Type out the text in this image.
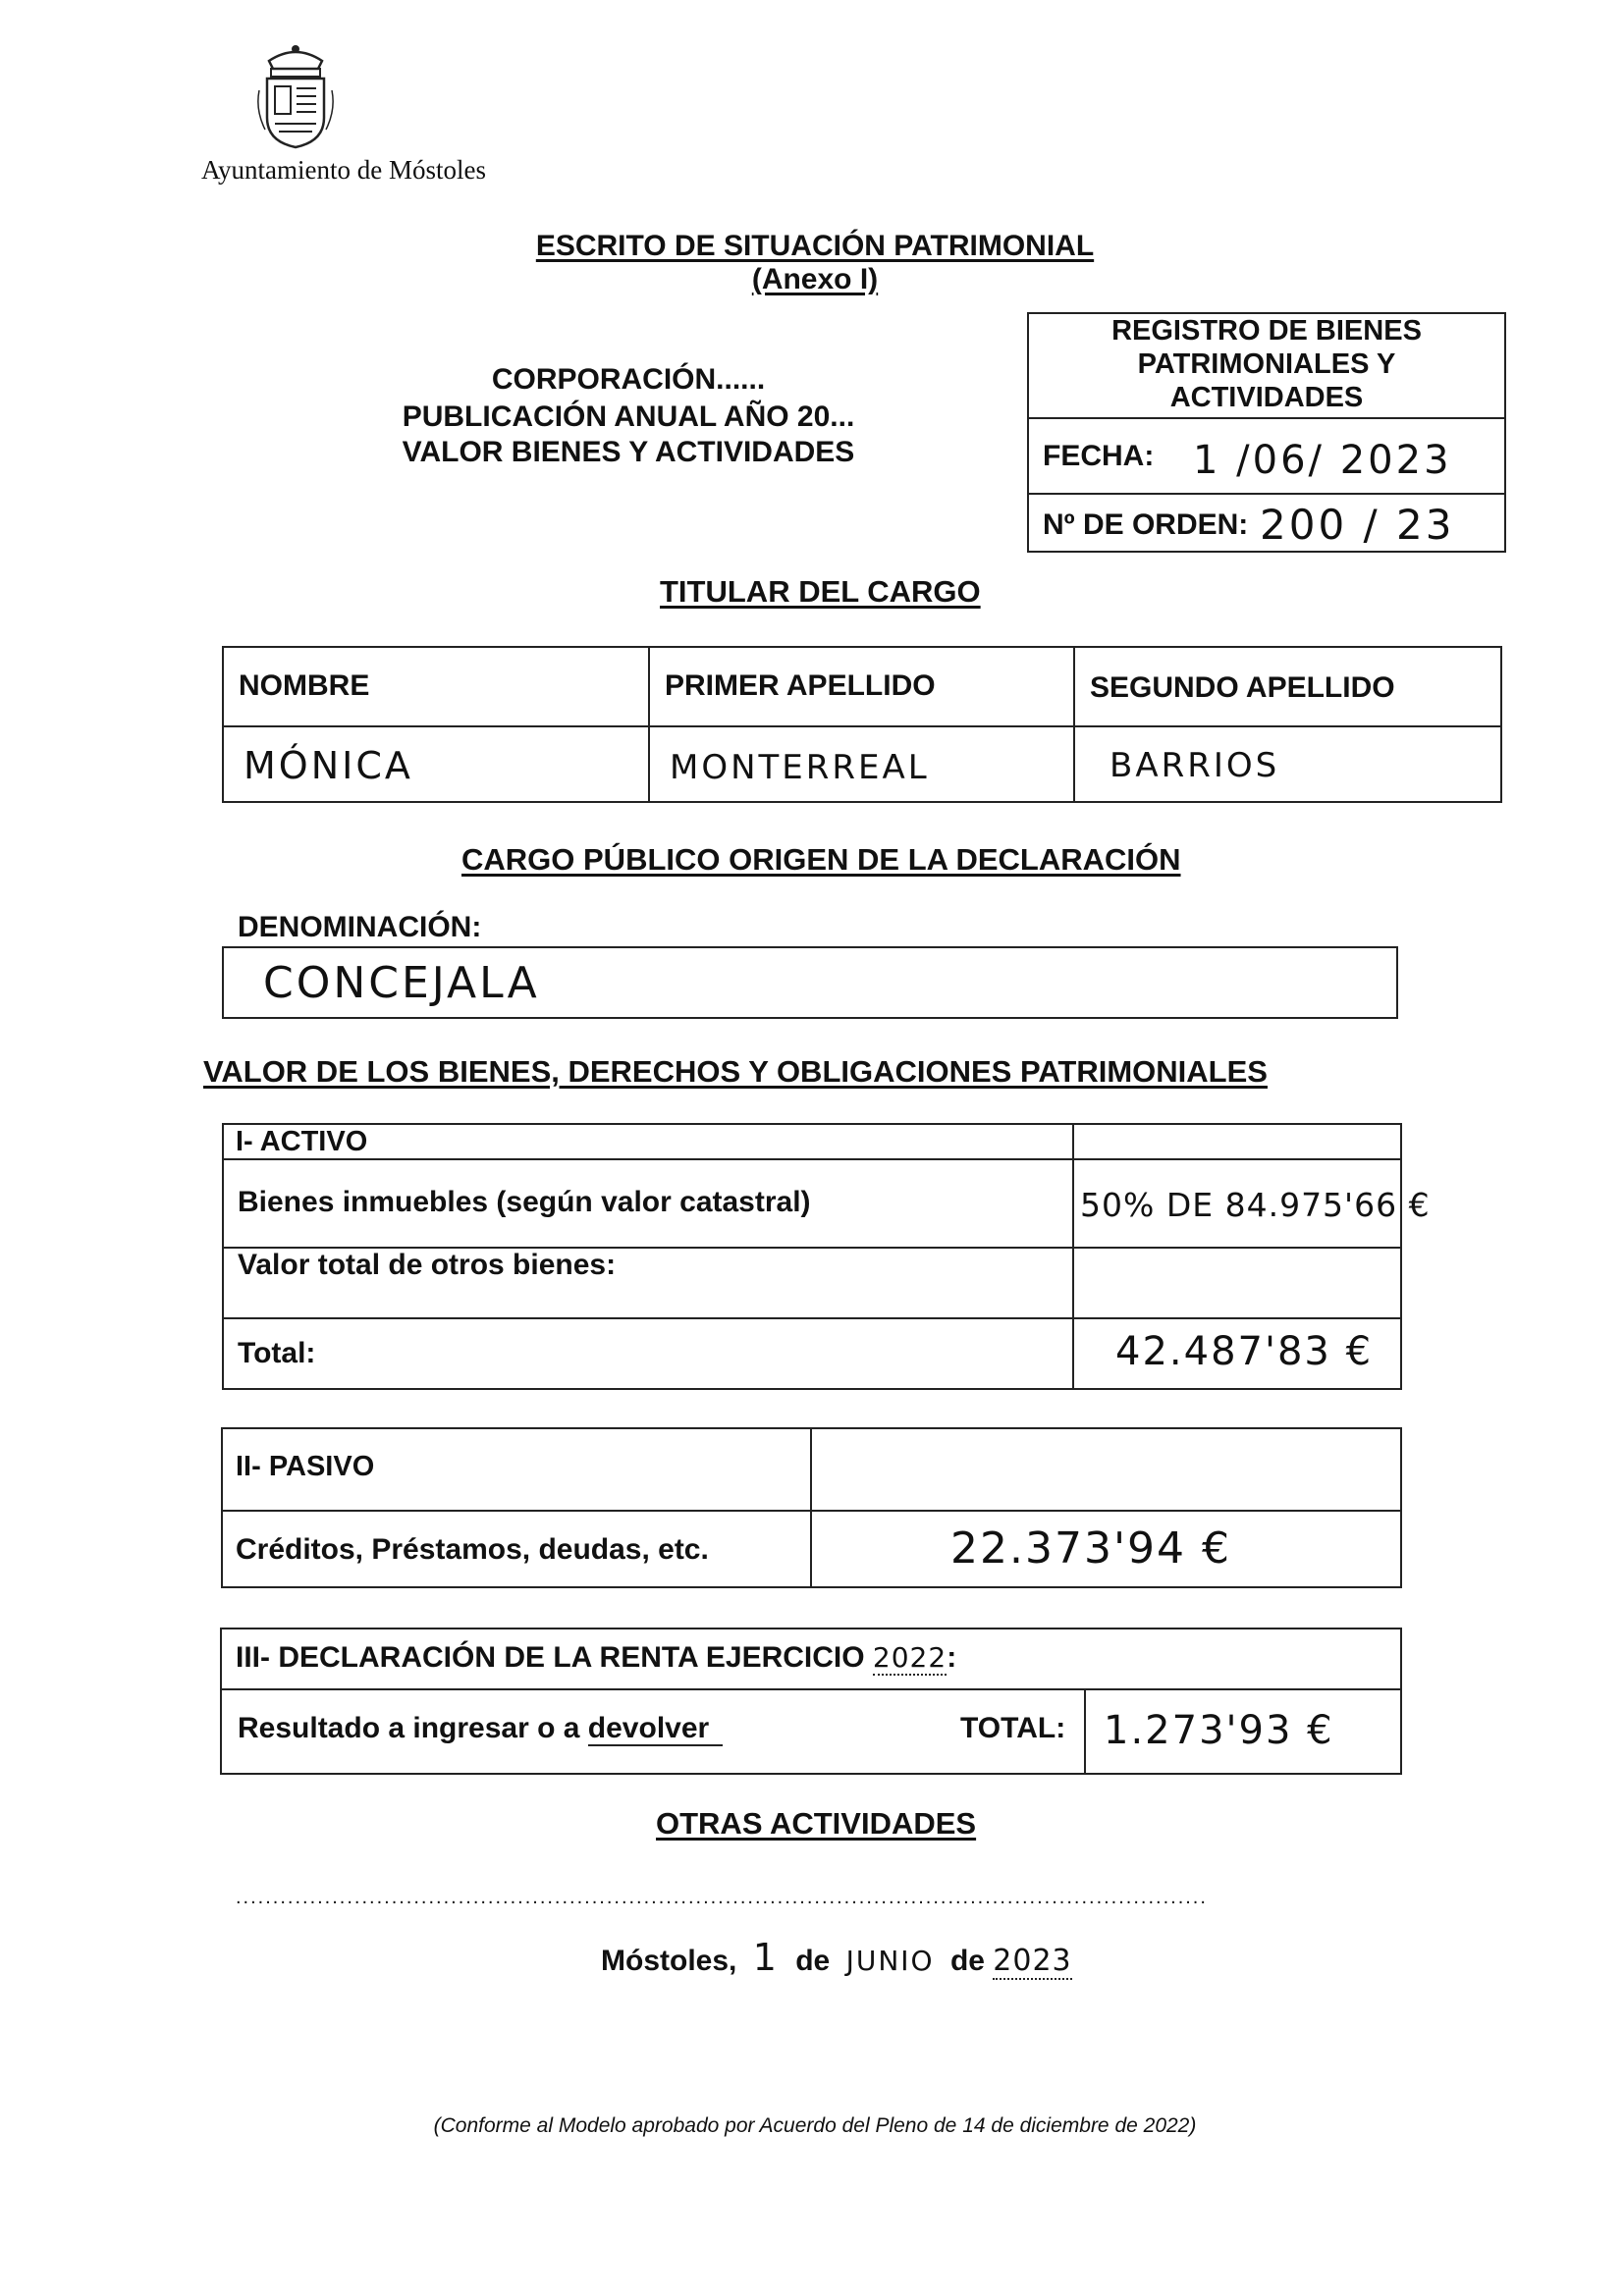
Ayuntamiento de Móstoles
ESCRITO DE SITUACIÓN PATRIMONIAL
(Anexo I)
CORPORACIÓN......
PUBLICACIÓN ANUAL AÑO 20...
VALOR BIENES Y ACTIVIDADES
REGISTRO DE BIENES PATRIMONIALES Y ACTIVIDADES
FECHA: 1 /06/ 2023
Nº DE ORDEN: 200 / 23
TITULAR DEL CARGO
NOMBRE	PRIMER APELLIDO	SEGUNDO APELLIDO
MÓNICA	MONTERREAL	BARRIOS
CARGO PÚBLICO ORIGEN DE LA DECLARACIÓN
DENOMINACIÓN:
CONCEJALA
VALOR DE LOS BIENES, DERECHOS Y OBLIGACIONES PATRIMONIALES
I- ACTIVO
Bienes inmuebles (según valor catastral)	50% DE 84.975'66 €
Valor total de otros bienes:
Total:	42.487'83 €
II- PASIVO
Créditos, Préstamos, deudas, etc.	22.373'94 €
III- DECLARACIÓN DE LA RENTA EJERCICIO 2022:
Resultado a ingresar o a devolver	TOTAL: 1.273'93 €
OTRAS ACTIVIDADES
...................................................................................................................................
Móstoles, 1 de JUNIO de 2023
(Conforme al Modelo aprobado por Acuerdo del Pleno de 14 de diciembre de 2022)
